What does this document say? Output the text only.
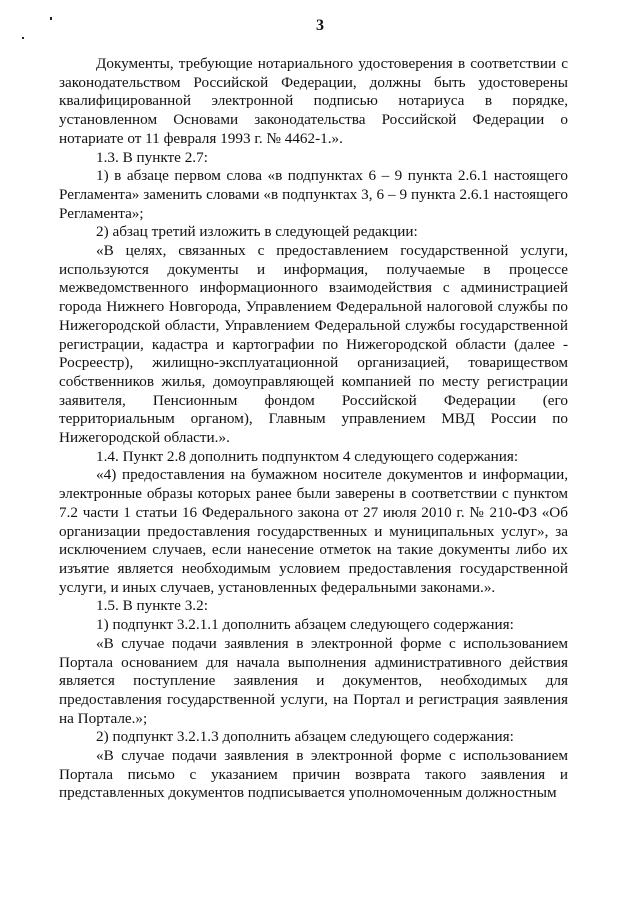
3

Документы, требующие нотариального удостоверения в соответствии с законодательством Российской Федерации, должны быть удостоверены квалифицированной электронной подписью нотариуса в порядке, установленном Основами законодательства Российской Федерации о нотариате от 11 февраля 1993 г. № 4462-1.».

1.3. В пункте 2.7:

1) в абзаце первом слова «в подпунктах 6 – 9 пункта 2.6.1 настоящего Регламента» заменить словами «в подпунктах 3, 6 – 9 пункта 2.6.1 настоящего Регламента»;

2) абзац третий изложить в следующей редакции:

«В целях, связанных с предоставлением государственной услуги, используются документы и информация, получаемые в процессе межведомственного информационного взаимодействия с администрацией города Нижнего Новгорода, Управлением Федеральной налоговой службы по Нижегородской области, Управлением Федеральной службы государственной регистрации, кадастра и картографии по Нижегородской области (далее - Росреестр), жилищно-эксплуатационной организацией, товариществом собственников жилья, домоуправляющей компанией по месту регистрации заявителя, Пенсионным фондом Российской Федерации (его территориальным органом), Главным управлением МВД России по Нижегородской области.».

1.4. Пункт 2.8 дополнить подпунктом 4 следующего содержания:

«4) предоставления на бумажном носителе документов и информации, электронные образы которых ранее были заверены в соответствии с пунктом 7.2 части 1 статьи 16 Федерального закона от 27 июля 2010 г. № 210-ФЗ «Об организации предоставления государственных и муниципальных услуг», за исключением случаев, если нанесение отметок на такие документы либо их изъятие является необходимым условием предоставления государственной услуги, и иных случаев, установленных федеральными законами.».

1.5. В пункте 3.2:

1) подпункт 3.2.1.1 дополнить абзацем следующего содержания:

«В случае подачи заявления в электронной форме с использованием Портала основанием для начала выполнения административного действия является поступление заявления и документов, необходимых для предоставления государственной услуги, на Портал и регистрация заявления на Портале.»;

2) подпункт 3.2.1.3 дополнить абзацем следующего содержания:

«В случае подачи заявления в электронной форме с использованием Портала письмо с указанием причин возврата такого заявления и представленных документов подписывается уполномоченным должностным
